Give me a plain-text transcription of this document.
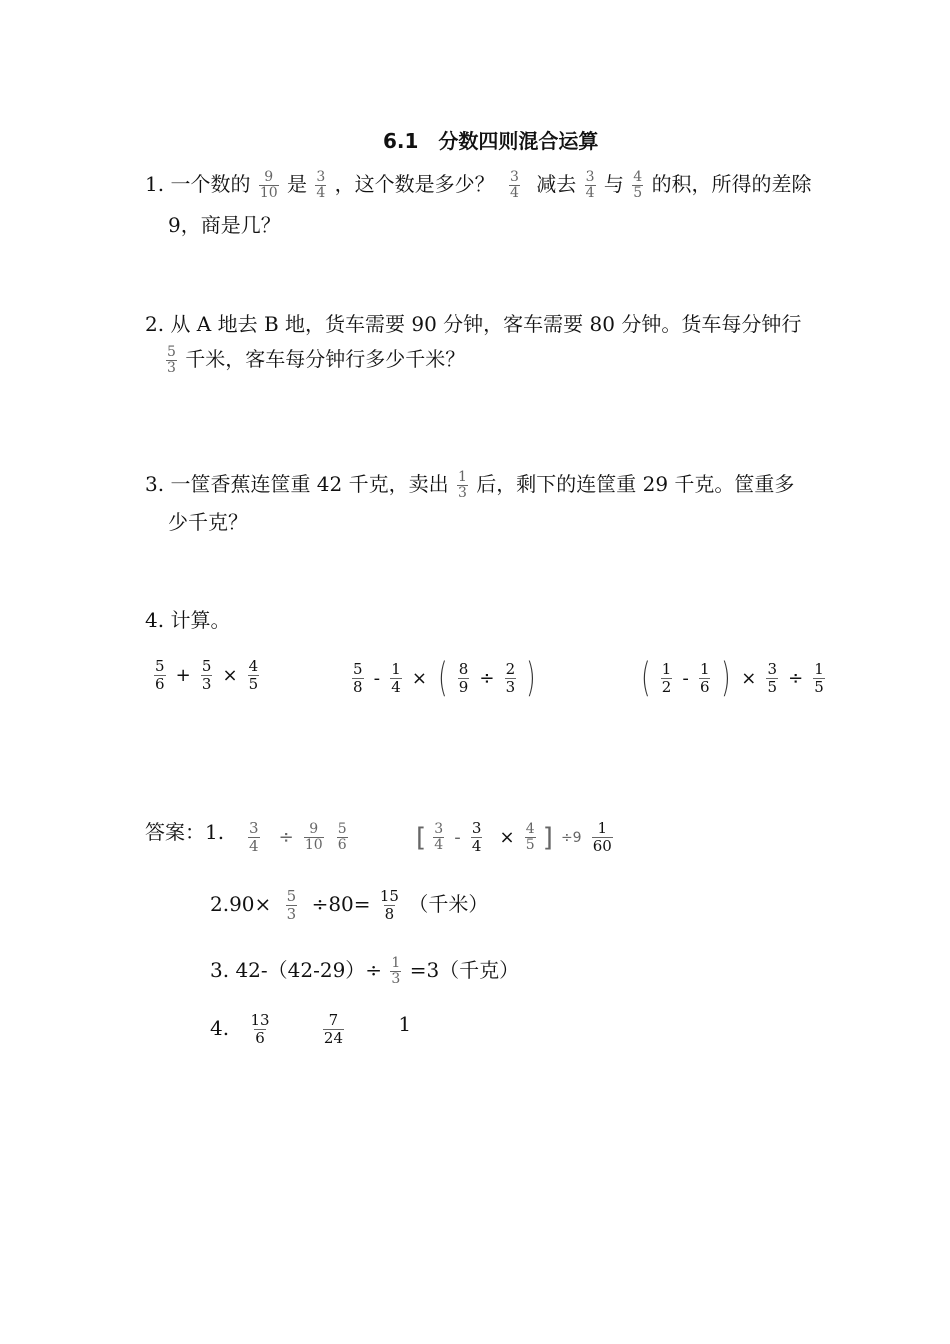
6.1　分数四则混合运算
1. 一个数的 $\frac{9}{10}$ 是 $\frac{3}{4}$ ，这个数是多少？ $\frac{3}{4}$ 减去 $\frac{3}{4}$ 与 $\frac{4}{5}$ 的积，所得的差除
9，商是几？
2. 从 A 地去 B 地，货车需要 90 分钟，客车需要 80 分钟。货车每分钟行
$\frac{5}{3}$ 千米，客车每分钟行多少千米？
3. 一筐香蕉连筐重 42 千克，卖出 $\frac{1}{3}$ 后，剩下的连筐重 29 千克。筐重多
少千克？
4. 计算。
$\frac{5}{6} + \frac{5}{3} \times \frac{4}{5}$	$\frac{5}{8} - \frac{1}{4}$ × ( $\frac{8}{9} \div \frac{2}{3}$ )	( $\frac{1}{2} - \frac{1}{6}$ ) × $\frac{3}{5} \div \frac{1}{5}$
答案：1. $\frac{3}{4} \div \frac{9}{10}$
$\frac{5}{6}$	[ $\frac{3}{4} - \frac{3}{4} \times \frac{4}{5}$ ] $\div 9 \frac{1}{60}$
$2.90\times \frac{5}{3} \div 80= \frac{15}{8}$ （千米）
3. $42-(42-29)\div \frac{1}{3} =3$（千克）
4. $\frac{13}{6}$
	$\frac{7}{24}$	1
